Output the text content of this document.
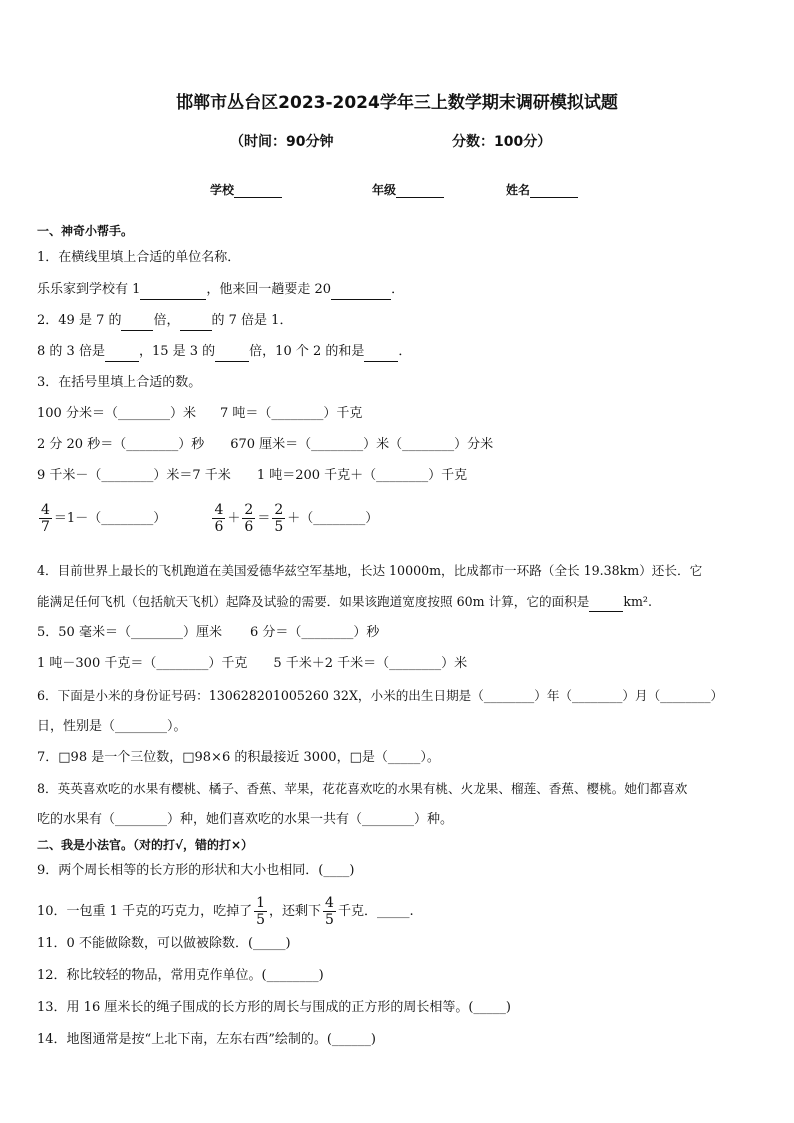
邯郸市丛台区2023-2024学年三上数学期末调研模拟试题
（时间：90分钟	分数：100分）
学校	年级	姓名
一、神奇小帮手。
1．在横线里填上合适的单位名称．
乐乐家到学校有 1	，他来回一趟要走 20	．
2．49 是 7 的 倍， 的 7 倍是 1．
8 的 3 倍是	，15 是 3 的	倍，10 个 2 的和是	．
3．在括号里填上合适的数。
100 分米＝（________）米 7 吨＝（________）千克
2 分 20 秒＝（________）秒 670 厘米＝（________）米（________）分米
9 千米－（________）米＝7 千米 1 吨＝200 千克＋（________）千克
$\frac{4}{7}$ ＝1－（________）	$\frac{4}{6} + \frac{2}{6} = \frac{2}{5}$ ＋（________）
4．目前世界上最长的飞机跑道在美国爱德华兹空军基地，长达 10000m，比成都市一环路（全长 19.38km）还长．它
能满足任何飞机（包括航天飞机）起降及试验的需要．如果该跑道宽度按照 60m 计算，它的面积是	km².
5．50 毫米＝（________）厘米 6 分＝（________）秒
1 吨－300 千克＝（________）千克 5 千米＋2 千米＝（________）米
6．下面是小米的身份证号码：130628201005260 32X，小米的出生日期是（________）年（________）月（________）
日，性别是（________）。
7．□98 是一个三位数，□98×6 的积最接近 3000，□是（_____）。
8．英英喜欢吃的水果有樱桃、橘子、香蕉、苹果，花花喜欢吃的水果有桃、火龙果、榴莲、香蕉、樱桃。她们都喜欢
吃的水果有（________）种，她们喜欢吃的水果一共有（________）种。
二、我是小法官。（对的打√，错的打×）
9．两个周长相等的长方形的形状和大小也相同．(____)
10．一包重 1 千克的巧克力，吃掉了 $\frac{1}{5}$ ，还剩下 $\frac{4}{5}$ 千克．_____.
11．0 不能做除数，可以做被除数．(_____)
12．称比较轻的物品，常用克作单位。(________)
13．用 16 厘米长的绳子围成的长方形的周长与围成的正方形的周长相等。(_____)
14．地图通常是按“上北下南，左东右西”绘制的。(______)
